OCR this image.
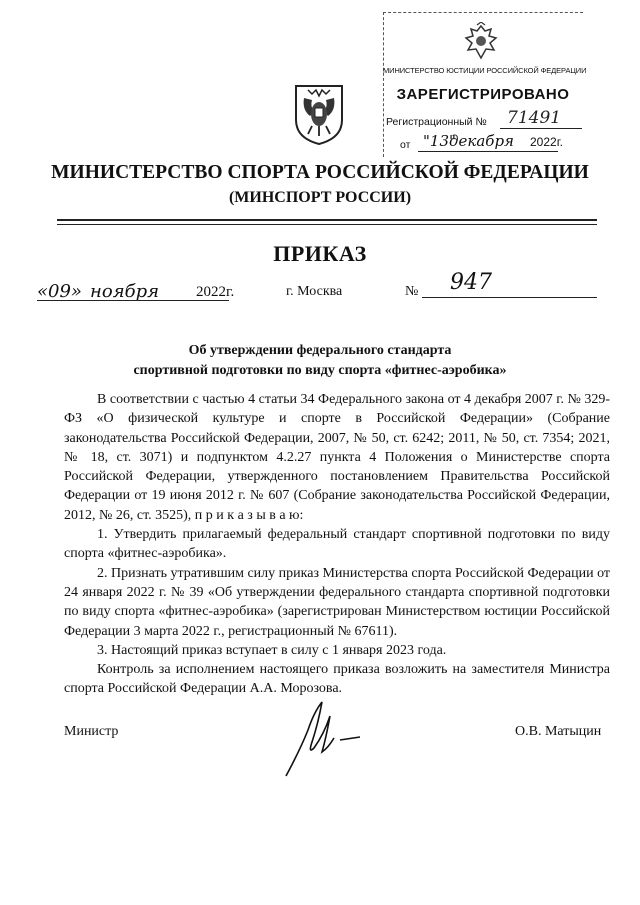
МИНИСТЕРСТВО ЮСТИЦИИ РОССИЙСКОЙ ФЕДЕРАЦИИ
ЗАРЕГИСТРИРОВАНО
Регистрационный № 71491
от "13"
декабря 2022г.
МИНИСТЕРСТВО СПОРТА РОССИЙСКОЙ ФЕДЕРАЦИИ
(МИНСПОРТ РОССИИ)
ПРИКАЗ
«09» ноября 2022г.	г. Москва	№ 947
Об утверждении федерального стандарта
спортивной подготовки по виду спорта «фитнес-аэробика»

В соответствии с частью 4 статьи 34 Федерального закона от 4 декабря 2007 г. № 329-ФЗ «О физической культуре и спорте в Российской Федерации» (Собрание законодательства Российской Федерации, 2007, № 50, ст. 6242; 2011, № 50, ст. 7354; 2021, № 18, ст. 3071) и подпунктом 4.2.27 пункта 4 Положения о Министерстве спорта Российской Федерации, утвержденного постановлением Правительства Российской Федерации от 19 июня 2012 г. № 607 (Собрание законодательства Российской Федерации, 2012, № 26, ст. 3525), п р и к а з ы в а ю:

1. Утвердить прилагаемый федеральный стандарт спортивной подготовки по виду спорта «фитнес-аэробика».

2. Признать утратившим силу приказ Министерства спорта Российской Федерации от 24 января 2022 г. № 39 «Об утверждении федерального стандарта спортивной подготовки по виду спорта «фитнес-аэробика» (зарегистрирован Министерством юстиции Российской Федерации 3 марта 2022 г., регистрационный № 67611).

3. Настоящий приказ вступает в силу с 1 января 2023 года.

Контроль за исполнением настоящего приказа возложить на заместителя Министра спорта Российской Федерации А.А. Морозова.

Министр	О.В. Матыцин
